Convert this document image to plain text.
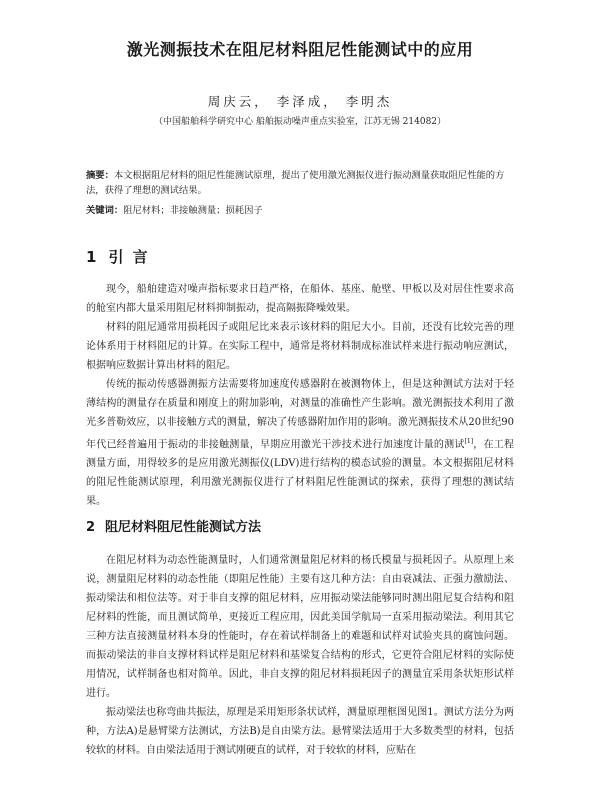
激光测振技术在阻尼材料阻尼性能测试中的应用
周庆云， 李泽成， 李明杰
（中国船舶科学研究中心 船舶振动噪声重点实验室，江苏无锡 214082）

摘要：本文根据阻尼材料的阻尼性能测试原理，提出了使用激光测振仪进行振动测量获取阻尼性能的方法，获得了理想的测试结果。

关键词：阻尼材料；非接触测量；损耗因子

1 引 言

现今，船舶建造对噪声指标要求日趋严格，在船体、基座、舱壁、甲板以及对居住性要求高的舱室内都大量采用阻尼材料抑制振动，提高隔振降噪效果。

材料的阻尼通常用损耗因子或阻尼比来表示该材料的阻尼大小。目前，还没有比较完善的理论体系用于材料阻尼的计算。在实际工程中，通常是将材料制成标准试样来进行振动响应测试，根据响应数据计算出材料的阻尼。

传统的振动传感器测振方法需要将加速度传感器附在被测物体上，但是这种测试方法对于轻薄结构的测量存在质量和刚度上的附加影响，对测量的准确性产生影响。激光测振技术利用了激光多普勒效应，以非接触方式的测量，解决了传感器附加作用的影响。激光测振技术从20世纪90年代已经普遍用于振动的非接触测量，早期应用激光干涉技术进行加速度计量的测试[1]，在工程测量方面，用得较多的是应用激光测振仪(LDV)进行结构的模态试验的测量。本文根据阻尼材料的阻尼性能测试原理，利用激光测振仪进行了材料阻尼性能测试的探索，获得了理想的测试结果。

2 阻尼材料阻尼性能测试方法

在阻尼材料为动态性能测量时，人们通常测量阻尼材料的杨氏模量与损耗因子。从原理上来说，测量阻尼材料的动态性能（即阻尼性能）主要有这几种方法：自由衰减法、正强力激励法、振动梁法和相位法等。对于非自支撑的阻尼材料，应用振动梁法能够同时测出阻尼复合结构和阻尼材料的性能，而且测试简单，更接近工程应用，因此美国学航局一直采用振动梁法。利用其它三种方法直接测量材料本身的性能时，存在着试样制备上的难题和试样对试验夹具的腐蚀问题。而振动梁法的非自支撑材料试样是阻尼材料和基梁复合结构的形式，它更符合阻尼材料的实际使用情况，试样制备也相对简单。因此，非自支撑的阻尼材料损耗因子的测量宜采用条状矩形试样进行。

振动梁法也称弯曲共振法，原理是采用矩形条状试样，测量原理框图见图1。测试方法分为两种，方法A)是悬臂梁方法测试，方法B)是自由梁方法。悬臂梁法适用于大多数类型的材料，包括较软的材料。自由梁法适用于测试刚硬直的试样，对于较软的材料，应贴在
